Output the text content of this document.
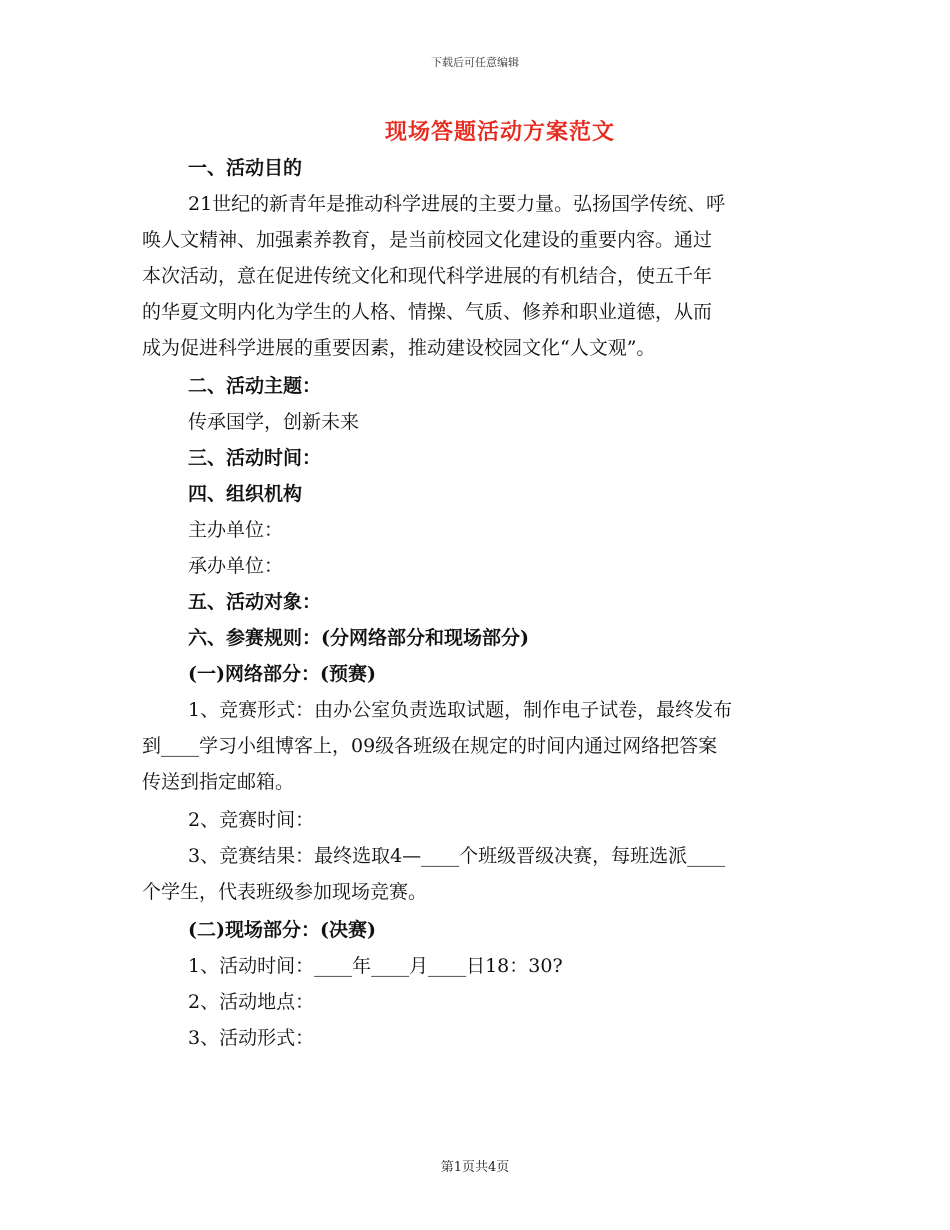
下载后可任意编辑
现场答题活动方案范文
一、活动目的
21世纪的新青年是推动科学进展的主要力量。弘扬国学传统、呼
唤人文精神、加强素养教育，是当前校园文化建设的重要内容。通过
本次活动，意在促进传统文化和现代科学进展的有机结合，使五千年
的华夏文明内化为学生的人格、情操、气质、修养和职业道德，从而
成为促进科学进展的重要因素，推动建设校园文化“人文观”。
二、活动主题：
传承国学，创新未来
三、活动时间：
四、组织机构
主办单位：
承办单位：
五、活动对象：
六、参赛规则：(分网络部分和现场部分)
(一)网络部分：(预赛)
1、竞赛形式：由办公室负责选取试题，制作电子试卷，最终发布
到____学习小组博客上，09级各班级在规定的时间内通过网络把答案
传送到指定邮箱。
2、竞赛时间：
3、竞赛结果：最终选取4—____个班级晋级决赛，每班选派____
个学生，代表班级参加现场竞赛。
(二)现场部分：(决赛)
1、活动时间：____年____月____日18：30?
2、活动地点：
3、活动形式：
第1页共4页
